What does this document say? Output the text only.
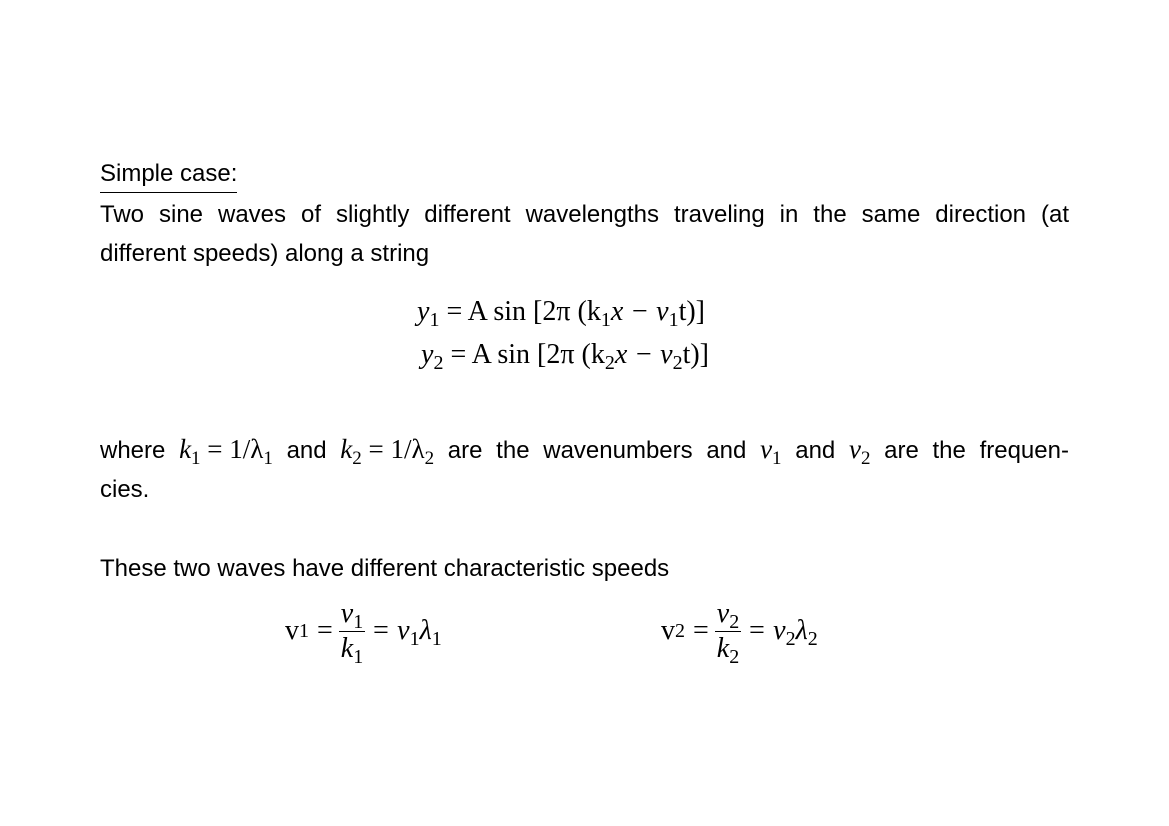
Simple case:
Two sine waves of slightly different wavelengths traveling in the same direction (at
different speeds) along a string
$y_1 = A$ sin [2π $(k_1x - \nu_1t)$]
$y_2 = A$ sin [2π $(k_2x - \nu_2t)$]
where $k_1 = 1/\lambda_1$ and $k_2 = 1/\lambda_2$ are the wavenumbers and $\nu_1$ and $\nu_2$ are the frequen-
cies.
These two waves have different characteristic speeds
v $1 = \frac{\nu_1}{k_1} = \nu_1\lambda_1$	v $2 = \frac{\nu_2}{k_2} = \nu_2\lambda_2$
